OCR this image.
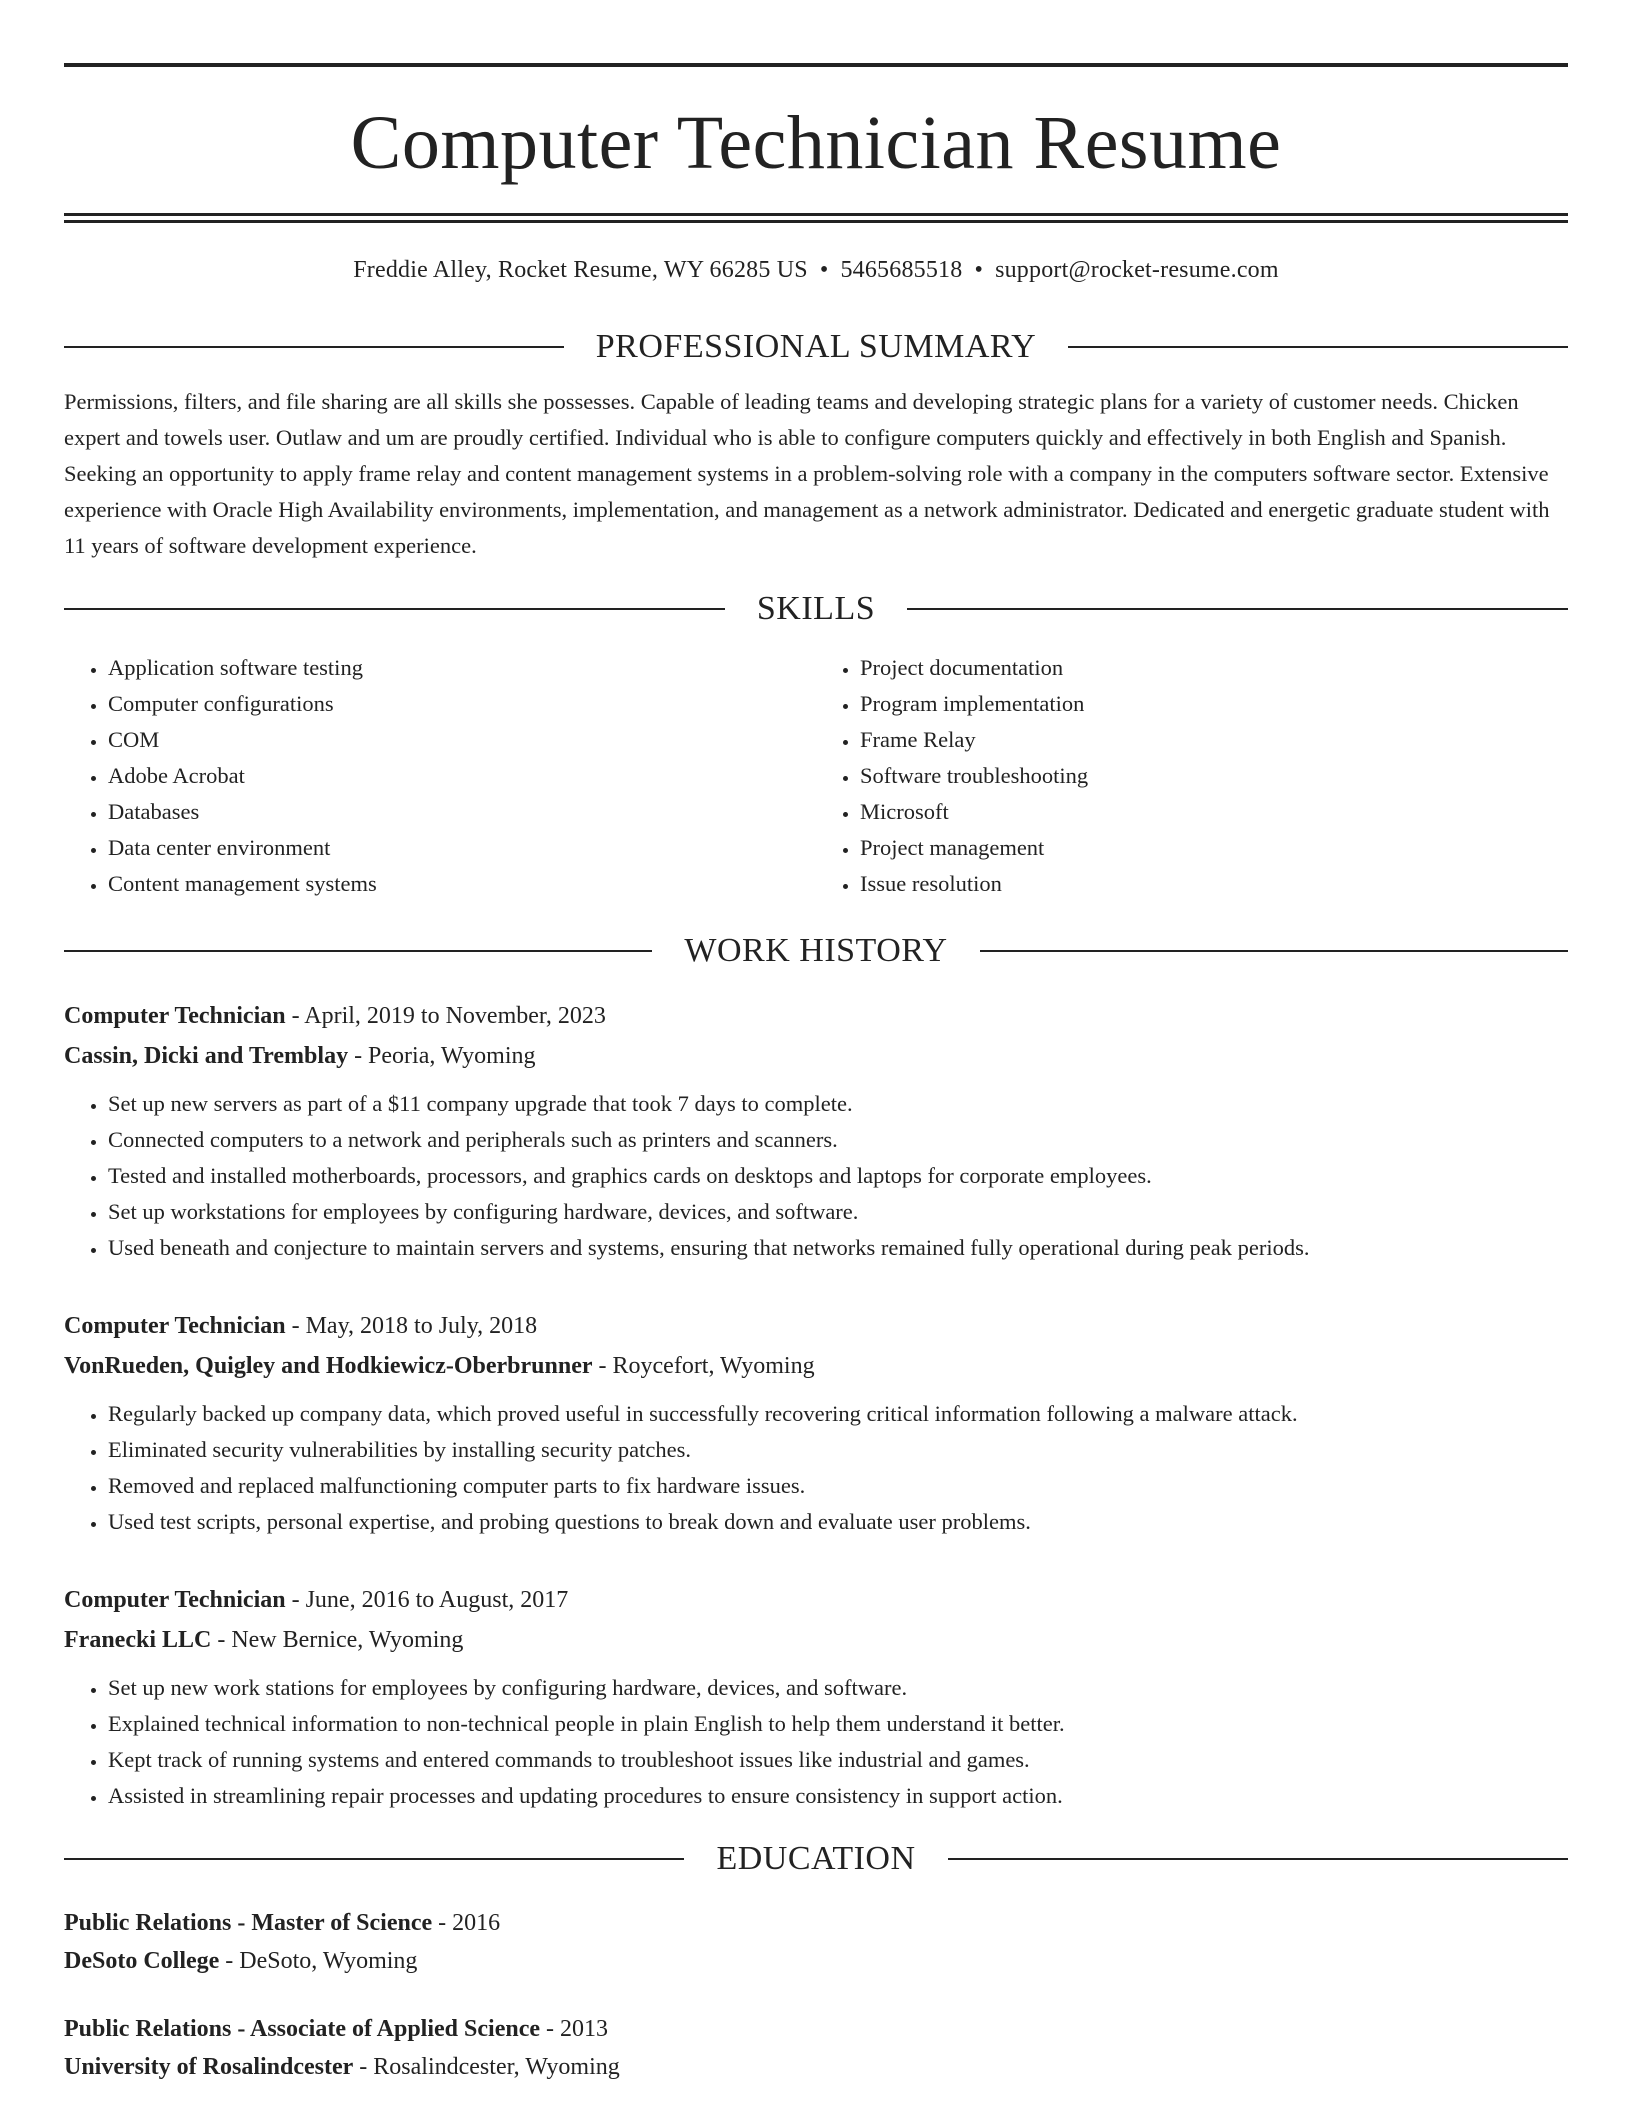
Computer Technician Resume
Freddie Alley, Rocket Resume, WY 66285 US • 5465685518 • support@rocket-resume.com
PROFESSIONAL SUMMARY

Permissions, filters, and file sharing are all skills she possesses. Capable of leading teams and developing strategic plans for a variety of customer needs. Chicken expert and towels user. Outlaw and um are proudly certified. Individual who is able to configure computers quickly and effectively in both English and Spanish. Seeking an opportunity to apply frame relay and content management systems in a problem-solving role with a company in the computers software sector. Extensive experience with Oracle High Availability environments, implementation, and management as a network administrator. Dedicated and energetic graduate student with 11 years of software development experience.

SKILLS
• Application software testing
• Computer configurations
• COM
• Adobe Acrobat
• Databases
• Data center environment
• Content management systems
• Project documentation
• Program implementation
• Frame Relay
• Software troubleshooting
• Microsoft
• Project management
• Issue resolution
WORK HISTORY
Computer Technician - April, 2019 to November, 2023
Cassin, Dicki and Tremblay - Peoria, Wyoming
• Set up new servers as part of a $11 company upgrade that took 7 days to complete.
• Connected computers to a network and peripherals such as printers and scanners.
• Tested and installed motherboards, processors, and graphics cards on desktops and laptops for corporate employees.
• Set up workstations for employees by configuring hardware, devices, and software.
• Used beneath and conjecture to maintain servers and systems, ensuring that networks remained fully operational during peak periods.
Computer Technician - May, 2018 to July, 2018
VonRueden, Quigley and Hodkiewicz-Oberbrunner - Roycefort, Wyoming
• Regularly backed up company data, which proved useful in successfully recovering critical information following a malware attack.
• Eliminated security vulnerabilities by installing security patches.
• Removed and replaced malfunctioning computer parts to fix hardware issues.
• Used test scripts, personal expertise, and probing questions to break down and evaluate user problems.
Computer Technician - June, 2016 to August, 2017
Franecki LLC - New Bernice, Wyoming
• Set up new work stations for employees by configuring hardware, devices, and software.
• Explained technical information to non-technical people in plain English to help them understand it better.
• Kept track of running systems and entered commands to troubleshoot issues like industrial and games.
• Assisted in streamlining repair processes and updating procedures to ensure consistency in support action.
EDUCATION
Public Relations - Master of Science - 2016
DeSoto College - DeSoto, Wyoming
Public Relations - Associate of Applied Science - 2013
University of Rosalindcester - Rosalindcester, Wyoming
